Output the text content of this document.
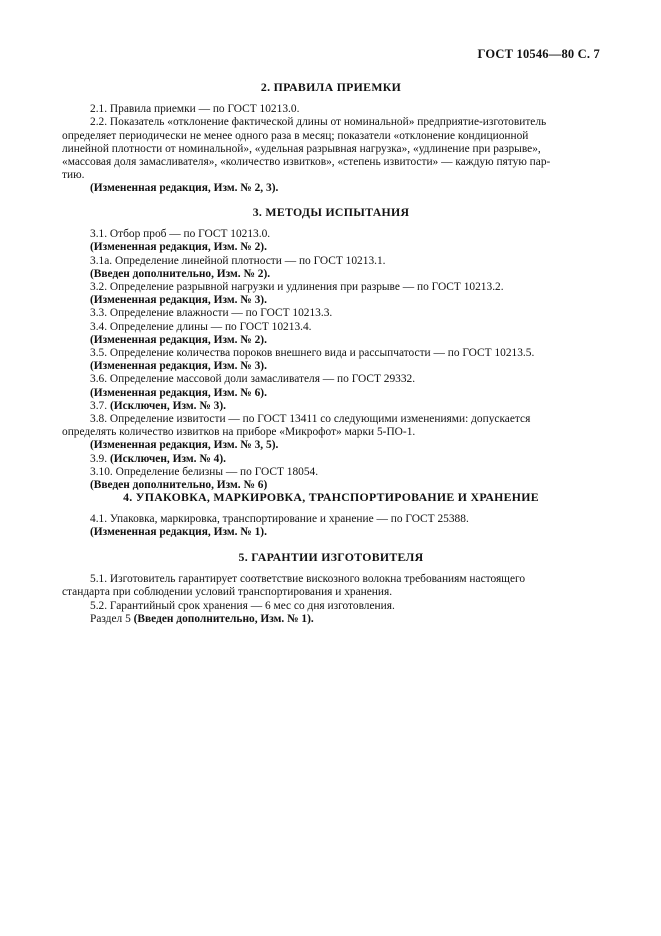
ГОСТ 10546—80 С. 7
2. ПРАВИЛА ПРИЕМКИ

2.1. Правила приемки — по ГОСТ 10213.0.

2.2. Показатель «отклонение фактической длины от номинальной» предприятие-изготовитель
определяет периодически не менее одного раза в месяц; показатели «отклонение кондиционной
линейной плотности от номинальной», «удельная разрывная нагрузка», «удлинение при разрыве»,
«массовая доля замасливателя», «количество извитков», «степень извитости» — каждую пятую пар-
тию.

(Измененная редакция, Изм. № 2, 3).

3. МЕТОДЫ ИСПЫТАНИЯ

3.1. Отбор проб — по ГОСТ 10213.0.

(Измененная редакция, Изм. № 2).

3.1а. Определение линейной плотности — по ГОСТ 10213.1.

(Введен дополнительно, Изм. № 2).

3.2. Определение разрывной нагрузки и удлинения при разрыве — по ГОСТ 10213.2.

(Измененная редакция, Изм. № 3).

3.3. Определение влажности — по ГОСТ 10213.3.

3.4. Определение длины — по ГОСТ 10213.4.

(Измененная редакция, Изм. № 2).

3.5. Определение количества пороков внешнего вида и рассыпчатости — по ГОСТ 10213.5.

(Измененная редакция, Изм. № 3).

3.6. Определение массовой доли замасливателя — по ГОСТ 29332.

(Измененная редакция, Изм. № 6).

3.7. (Исключен, Изм. № 3).

3.8. Определение извитости — по ГОСТ 13411 со следующими изменениями: допускается
определять количество извитков на приборе «Микрофот» марки 5-ПО-1.

(Измененная редакция, Изм. № 3, 5).

3.9. (Исключен, Изм. № 4).

3.10. Определение белизны — по ГОСТ 18054.

(Введен дополнительно, Изм. № 6)

4. УПАКОВКА, МАРКИРОВКА, ТРАНСПОРТИРОВАНИЕ И ХРАНЕНИЕ

4.1. Упаковка, маркировка, транспортирование и хранение — по ГОСТ 25388.

(Измененная редакция, Изм. № 1).

5. ГАРАНТИИ ИЗГОТОВИТЕЛЯ

5.1. Изготовитель гарантирует соответствие вискозного волокна требованиям настоящего
стандарта при соблюдении условий транспортирования и хранения.

5.2. Гарантийный срок хранения — 6 мес со дня изготовления.

Раздел 5 (Введен дополнительно, Изм. № 1).
